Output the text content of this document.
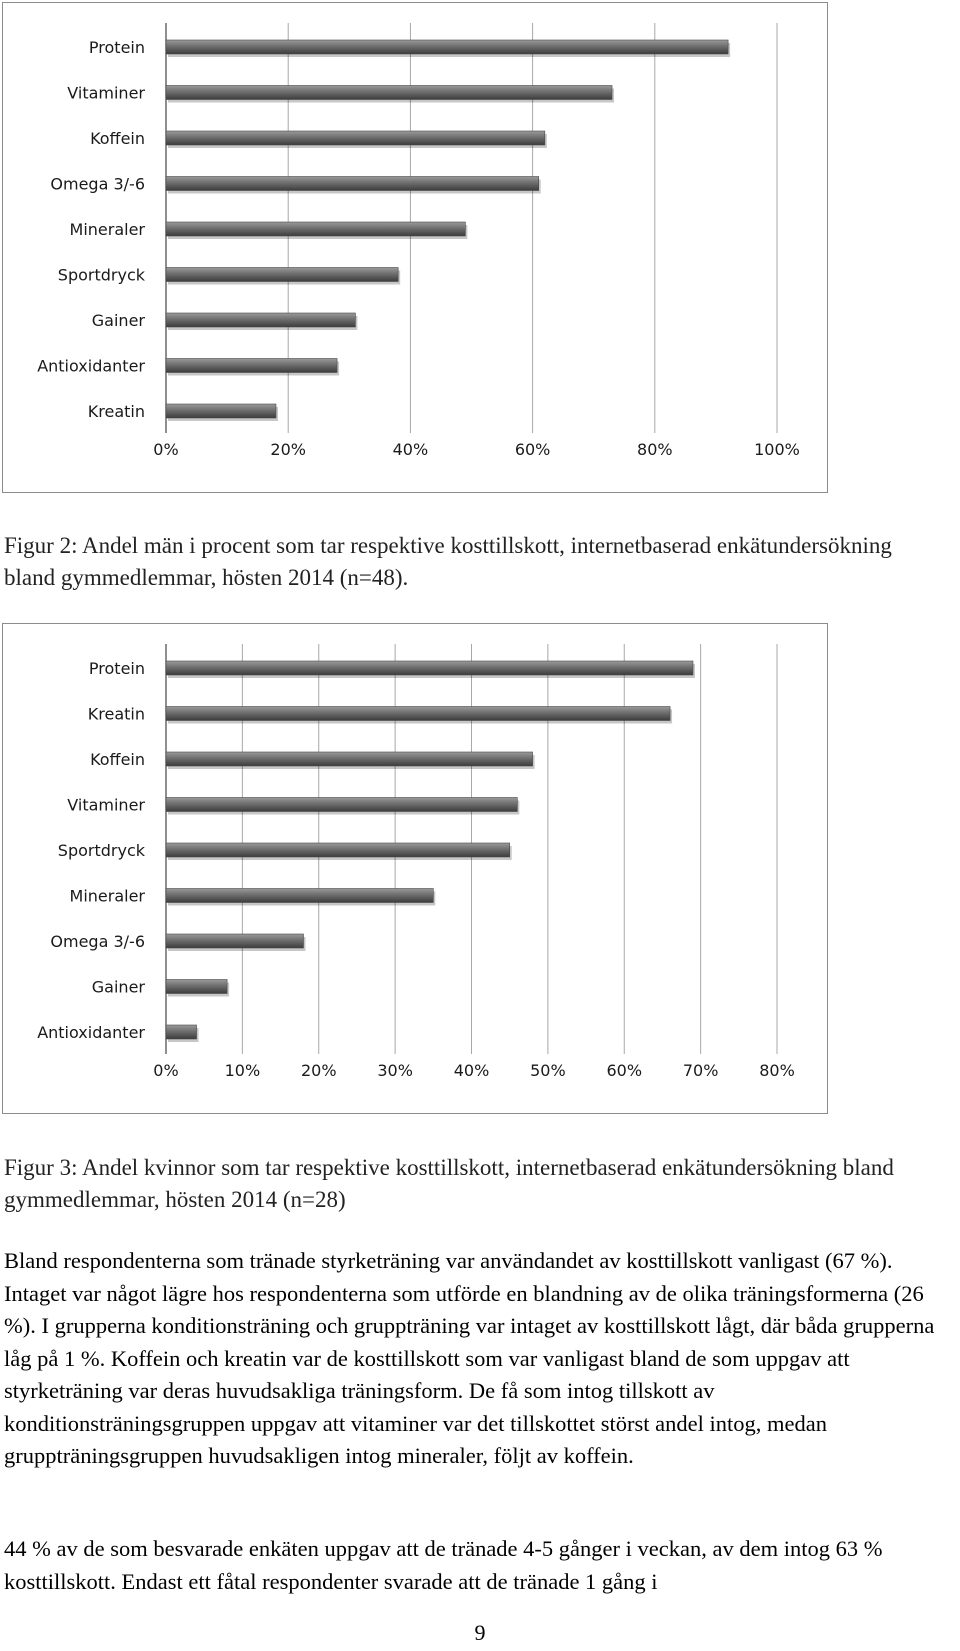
0%	20%	40%	60%	80%	100%
Protein
Vitaminer
Koffein
Omega 3/-6
Mineraler
Sportdryck
Gainer
Antioxidanter
Kreatin

Figur 2: Andel män i procent som tar respektive kosttillskott, internetbaserad enkätundersökning bland gymmedlemmar, hösten 2014 (n=48).

0%	10%	20%	30%	40%	50%	60%	70%	80%
Protein
Kreatin
Koffein
Vitaminer
Sportdryck
Mineraler
Omega 3/-6
Gainer
Antioxidanter

Figur 3: Andel kvinnor som tar respektive kosttillskott, internetbaserad enkätundersökning bland gymmedlemmar, hösten 2014 (n=28)

Bland respondenterna som tränade styrketräning var användandet av kosttillskott vanligast (67 %). Intaget var något lägre hos respondenterna som utförde en blandning av de olika träningsformerna (26 %). I grupperna konditionsträning och gruppträning var intaget av kosttillskott lågt, där båda grupperna låg på 1 %. Koffein och kreatin var de kosttillskott som var vanligast bland de som uppgav att styrketräning var deras huvudsakliga träningsform. De få som intog tillskott av konditionsträningsgruppen uppgav att vitaminer var det tillskottet störst andel intog, medan gruppträningsgruppen huvudsakligen intog mineraler, följt av koffein.

44 % av de som besvarade enkäten uppgav att de tränade 4-5 gånger i veckan, av dem intog 63 % kosttillskott. Endast ett fåtal respondenter svarade att de tränade 1 gång i

9
